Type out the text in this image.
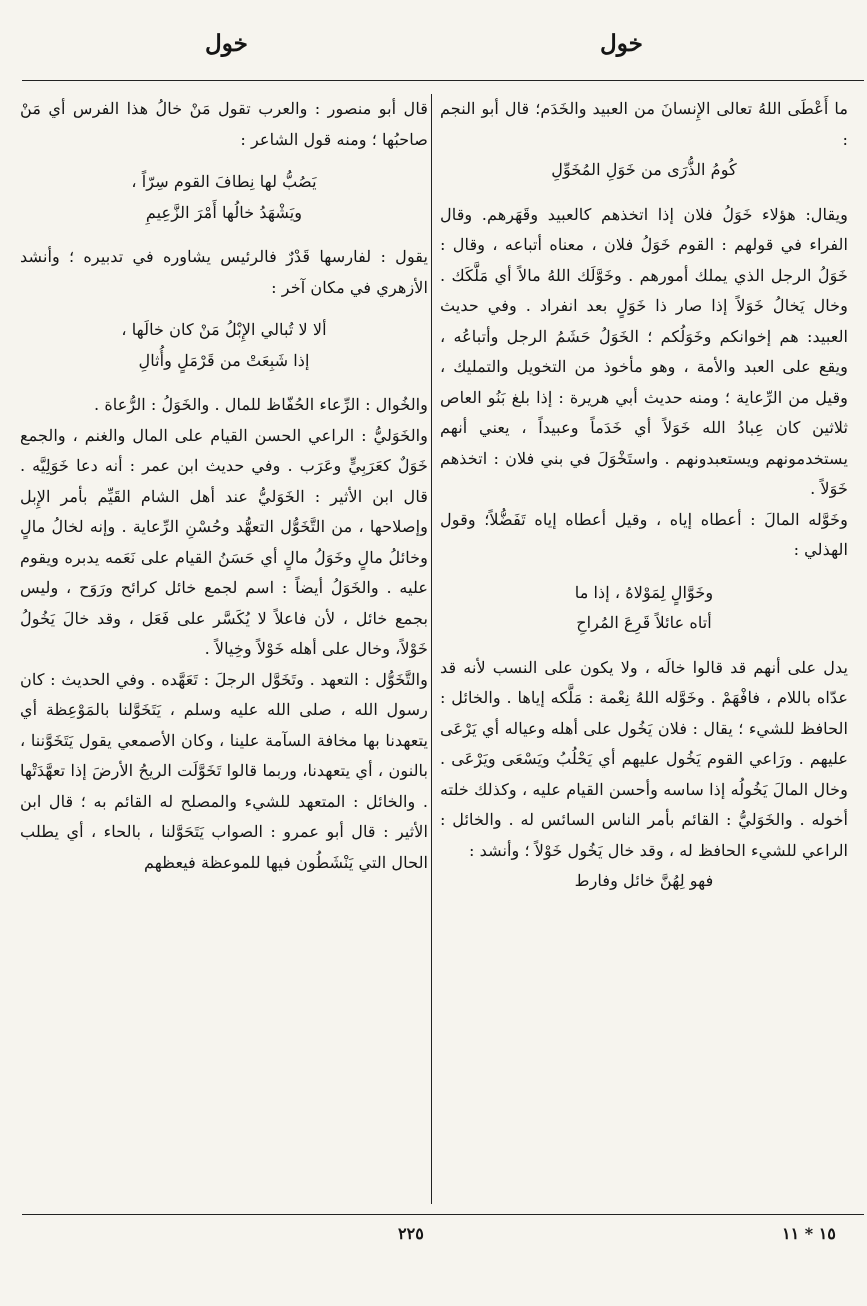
خول
خول

ما أَعْطَى اللهُ تعالى الإِنسانَ من العبيد والخَدَم؛ قال أبو النجم :

كُومُ الذُّرَى من خَوَلِ المُخَوِّلِ

ويقال: هؤلاء خَوَلُ فلان إذا اتخذهم كالعبيد وقَهَرهم. وقال الفراء في قولهم : القوم خَوَلُ فلان ، معناه أتباعه ، وقال : خَوَلُ الرجل الذي يملك أمورهم . وخَوَّلَك اللهُ مالاً أي مَلَّكَك . وخال يَخالُ خَوَلاً إذا صار ذا خَوَلٍ بعد انفراد . وفي حديث العبيد: هم إخوانكم وخَوَلُكم ؛ الخَوَلُ حَشَمُ الرجل وأتباعُه ، ويقع على العبد والأمة ، وهو مأخوذ من التخويل والتمليك ، وقيل من الرِّعاية ؛ ومنه حديث أبي هريرة : إذا بلغ بَنُو العاص ثلاثين كان عِبادُ الله خَوَلاً أي خَدَماً وعبيداً ، يعني أنهم يستخدمونهم ويستعبدونهم . واستَخْوَلَ في بني فلان : اتخذهم خَوَلاً .

وخَوَّله المالَ : أعطاه إياه ، وقيل أعطاه إياه تَفَضُّلاً؛ وقول الهذلي :

وخَوَّالٍ لِمَوْلاهُ ، إذا ما

أتاه عائلاً قَرِعَ المُراحِ

يدل على أنهم قد قالوا خالَه ، ولا يكون على النسب لأنه قد عدّاه باللام ، فافْهَمْ . وخَوَّله اللهُ نِعْمة : مَلَّكه إياها . والخائل : الحافظ للشيء ؛ يقال : فلان يَخُول على أهله وعياله أي يَرْعَى عليهم . ورَاعي القوم يَخُول عليهم أي يَحْلُبُ ويَسْعَى ويَرْعَى . وخال المالَ يَخُولُه إذا ساسه وأحسن القيام عليه ، وكذلك خلته أخوله . والخَوَليُّ : القائم بأمر الناس السائس له . والخائل : الراعي للشيء الحافظ له ، وقد خال يَخُول خَوْلاً ؛ وأنشد :

فهو لِهُنَّ خائل وفارط

قال أبو منصور : والعرب تقول مَنْ خالُ هذا الفرس أي مَنْ صاحبُها ؛ ومنه قول الشاعر :

يَصُبُّ لها نِطافَ القوم سِرّاً ،

ويَشْهَدُ خالُها أَمْرَ الزَّعِيمِ

يقول : لفارسها قَدْرٌ فالرئيس يشاوره في تدبيره ؛ وأنشد الأزهري في مكان آخر :

ألا لا تُبالي الإِبْلُ مَنْ كان خالَها ،

إذا شَبِعَتْ من قَرْمَلٍ وأُثالِ

والخُوال : الرِّعاء الحُفّاظ للمال . والخَوَلُ : الرُّعاة .

والخَوَليُّ : الراعي الحسن القيام على المال والغنم ، والجمع خَوَلٌ كعَرَبِيٍّ وعَرَب . وفي حديث ابن عمر : أنه دعا خَوَلِيَّه . قال ابن الأثير : الخَوَليُّ عند أهل الشام القَيِّم بأمر الإِبل وإصلاحها ، من التَّخَوُّل التعهُّد وحُسْنِ الرِّعاية . وإنه لخالُ مالٍ وخائلُ مالٍ وخَوَلُ مالٍ أي حَسَنُ القيام على نَعَمه يدبره ويقوم عليه . والخَوَلُ أيضاً : اسم لجمع خائل كرائح ورَوَح ، وليس بجمع خائل ، لأن فاعلاً لا يُكَسَّر على فَعَل ، وقد خالَ يَخُولُ خَوْلاً، وخال على أهله خَوْلاً وخِيالاً .

والتَّخَوُّل : التعهد . وتَخَوَّل الرجلَ : تَعَهَّده . وفي الحديث : كان رسول الله ، صلى الله عليه وسلم ، يَتَخَوَّلنا بالمَوْعِظة أي يتعهدنا بها مخافة السآمة علينا ، وكان الأصمعي يقول يَتَخَوَّننا ، بالنون ، أي يتعهدنا، وربما قالوا تَخَوَّلَت الريحُ الأرضَ إذا تعهَّدَتْها . والخائل : المتعهد للشيء والمصلح له القائم به ؛ قال ابن الأثير : قال أبو عمرو : الصواب يَتَحَوَّلنا ، بالحاء ، أي يطلب الحال التي يَنْشَطُون فيها للموعظة فيعظهم

٢٢٥	١٥ * ١١
